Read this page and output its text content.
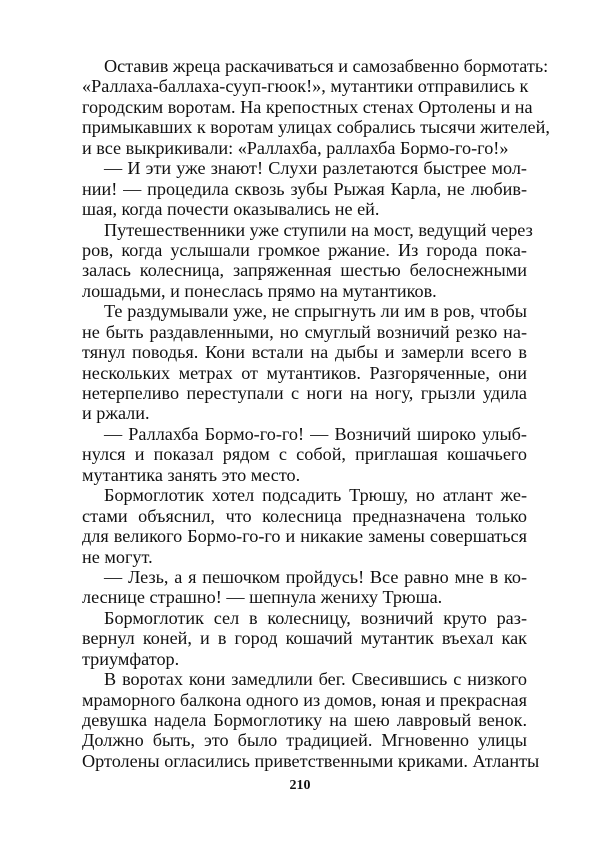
Оставив жреца раскачиваться и самозабвенно бормотать:
«Раллаха-баллаха-сууп-гюок!», мутантики отправились к
городским воротам. На крепостных стенах Ортолены и на
примыкавших к воротам улицах собрались тысячи жителей,
и все выкрикивали: «Раллахба, раллахба Бормо-го-го!»
— И эти уже знают! Слухи разлетаются быстрее мол-
нии! — процедила сквозь зубы Рыжая Карла, не любив-
шая, когда почести оказывались не ей.
Путешественники уже ступили на мост, ведущий через
ров, когда услышали громкое ржание. Из города пока-
залась колесница, запряженная шестью белоснежными
лошадьми, и понеслась прямо на мутантиков.
Те раздумывали уже, не спрыгнуть ли им в ров, чтобы
не быть раздавленными, но смуглый возничий резко на-
тянул поводья. Кони встали на дыбы и замерли всего в
нескольких метрах от мутантиков. Разгоряченные, они
нетерпеливо переступали с ноги на ногу, грызли удила
и ржали.
— Раллахба Бормо-го-го! — Возничий широко улыб-
нулся и показал рядом с собой, приглашая кошачьего
мутантика занять это место.
Бормоглотик хотел подсадить Трюшу, но атлант же-
стами объяснил, что колесница предназначена только
для великого Бормо-го-го и никакие замены совершаться
не могут.
— Лезь, а я пешочком пройдусь! Все равно мне в ко-
леснице страшно! — шепнула жениху Трюша.
Бормоглотик сел в колесницу, возничий круто раз-
вернул коней, и в город кошачий мутантик въехал как
триумфатор.
В воротах кони замедлили бег. Свесившись с низкого
мраморного балкона одного из домов, юная и прекрасная
девушка надела Бормоглотику на шею лавровый венок.
Должно быть, это было традицией. Мгновенно улицы
Ортолены огласились приветственными криками. Атланты
210
